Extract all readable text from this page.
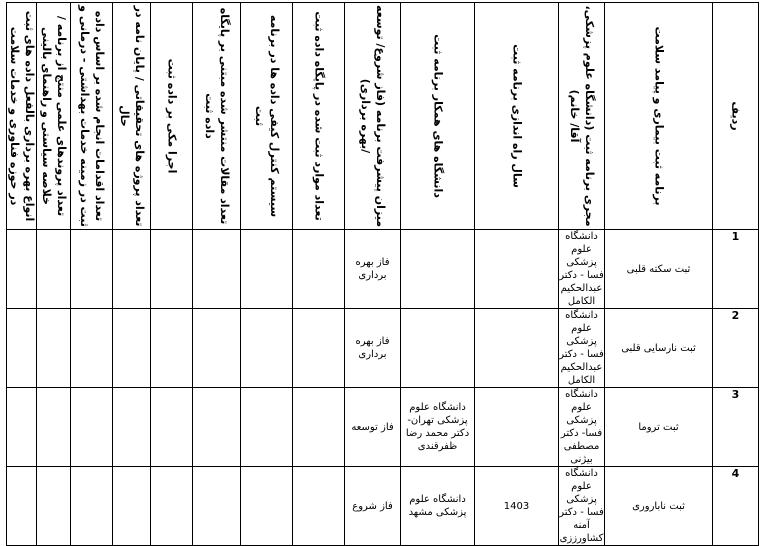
انواع بهره برداری بالفعل داده های ثبت در حوزه فناوری و خدمات سلامت	تعداد پروندهای علمی منتج از برنامه / خلاصه سیاستی و راهنمای بالینی	تعداد اقدامات انجام شده بر اساس داده ثبت در زمینه خدمات بهداشتی - درمانی و	تعداد پروژه های تحقیقاتی / پایان نامه در حال	اجرا مکی بر داده ثبت	تعداد مقالات منتشر شده مبتنی بر پایگاه داده ثبت	سیستم کنترل کیفی داده ها در برنامه ثبت	تعداد موارد ثبت شده در پایگاه داده ثبت	میزان پیشرفت برنامه (فاز شروع/ توسعه /بهره برداری)	دانشگاه های همکار برنامه ثبت	سال راه اندازی برنامه ثبت	مجری برنامه ثبت (دانشگاه علوم پزشکی، آقا/ خانم)	برنامه ثبت بیماری و پیامد سلامت	ردیف

								فاز بهره برداری			دانشگاه علوم پزشکی فسا - دکتر عبدالحکیم الکامل	ثبت سکته قلبی	1
								فاز بهره برداری			دانشگاه علوم پزشکی فسا - دکتر عبدالحکیم الکامل	ثبت نارسایی قلبی	2
								فاز توسعه	دانشگاه علوم پزشکی تهران- دکتر محمد رضا ظفرقندی		دانشگاه علوم پزشکی فسا- دکتر مصطفی بیژنی	ثبت تروما	3
								فاز شروع	دانشگاه علوم پزشکی مشهد	1403	دانشگاه علوم پزشکی فسا - دکتر آمنه کشاورززی	ثبت ناباروری	4
